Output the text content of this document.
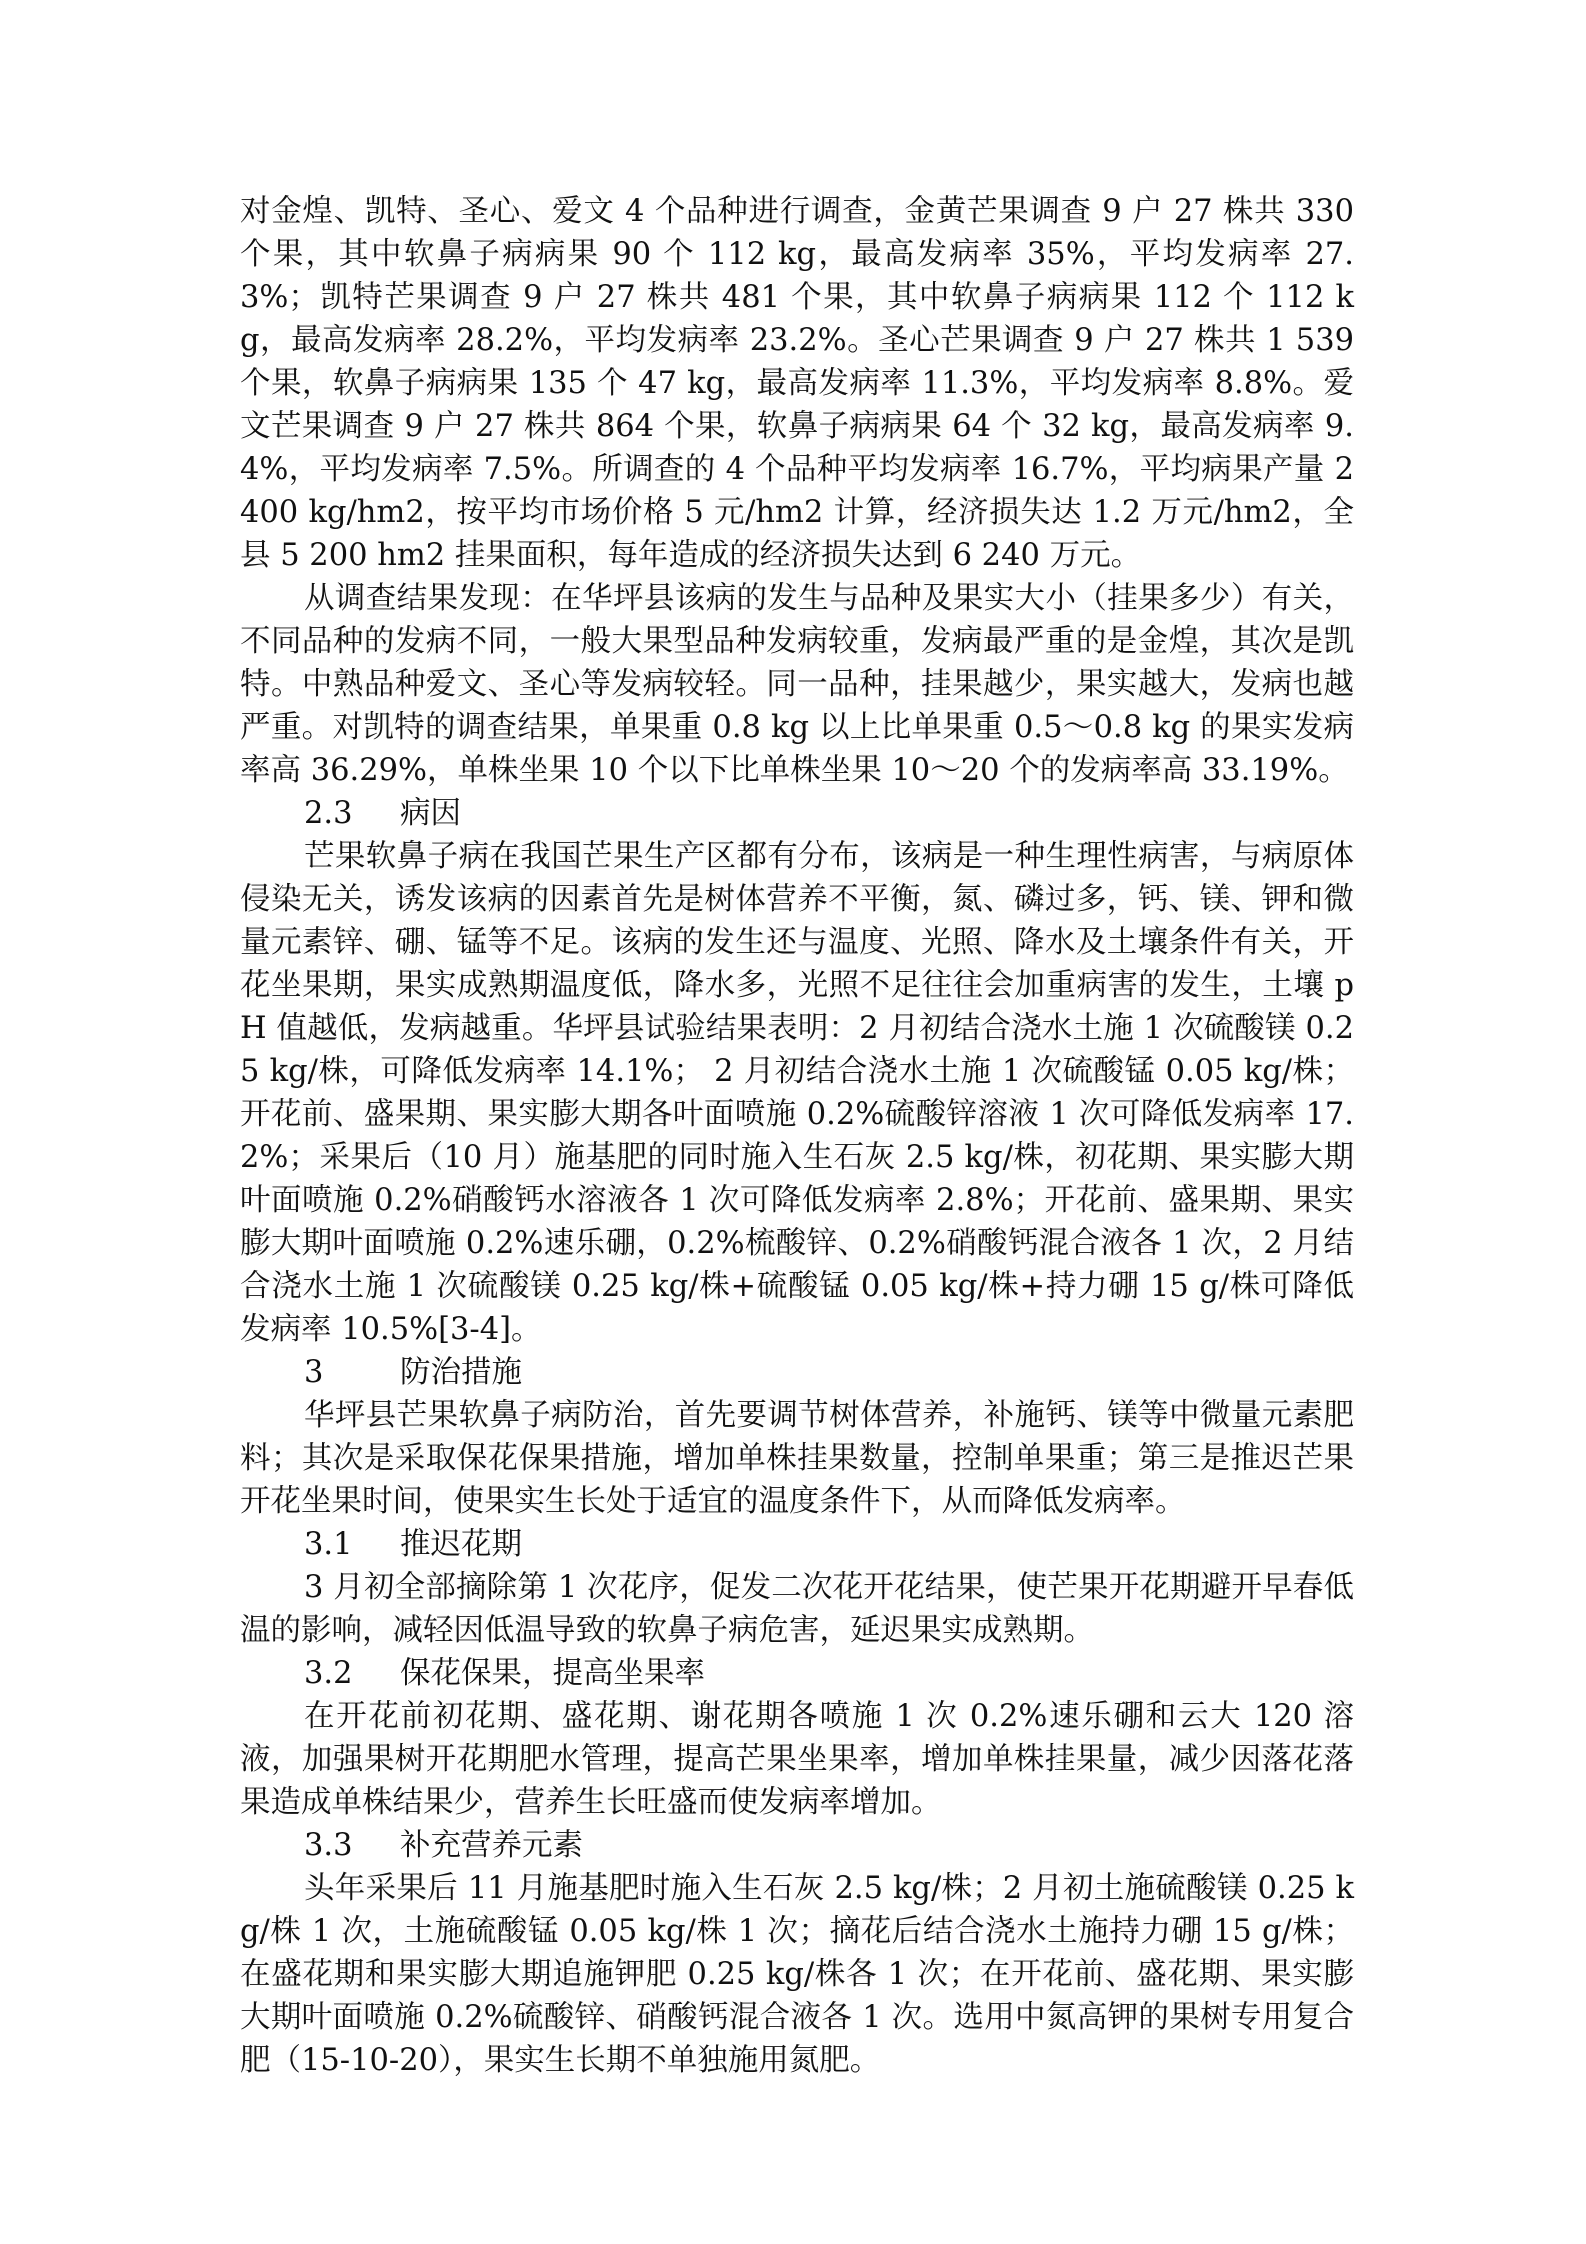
对金煌、凯特、圣心、爱文 4 个品种进行调查，金黄芒果调查 9 户 27 株共 330 个果，其中软鼻子病病果 90 个 112 kg，最高发病率 35%，平均发病率 27.3%；凯特芒果调查 9 户 27 株共 481 个果，其中软鼻子病病果 112 个 112 kg，最高发病率 28.2%，平均发病率 23.2%。圣心芒果调查 9 户 27 株共 1 539 个果，软鼻子病病果 135 个 47 kg，最高发病率 11.3%，平均发病率 8.8%。爱文芒果调查 9 户 27 株共 864 个果，软鼻子病病果 64 个 32 kg，最高发病率 9.4%，平均发病率 7.5%。所调查的 4 个品种平均发病率 16.7%，平均病果产量 2 400 kg/hm2，按平均市场价格 5 元/hm2 计算，经济损失达 1.2 万元/hm2，全县 5 200 hm2 挂果面积，每年造成的经济损失达到 6 240 万元。

从调查结果发现：在华坪县该病的发生与品种及果实大小（挂果多少）有关，不同品种的发病不同，一般大果型品种发病较重，发病最严重的是金煌，其次是凯特。中熟品种爱文、圣心等发病较轻。同一品种，挂果越少，果实越大，发病也越严重。对凯特的调查结果，单果重 0.8 kg 以上比单果重 0.5～0.8 kg 的果实发病率高 36.29%，单株坐果 10 个以下比单株坐果 10～20 个的发病率高 33.19%。

2.3 病因

芒果软鼻子病在我国芒果生产区都有分布，该病是一种生理性病害，与病原体侵染无关，诱发该病的因素首先是树体营养不平衡，氮、磷过多，钙、镁、钾和微量元素锌、硼、锰等不足。该病的发生还与温度、光照、降水及土壤条件有关，开花坐果期，果实成熟期温度低，降水多，光照不足往往会加重病害的发生，土壤 pH 值越低，发病越重。华坪县试验结果表明：2 月初结合浇水土施 1 次硫酸镁 0.25 kg/株，可降低发病率 14.1%； 2 月初结合浇水土施 1 次硫酸锰 0.05 kg/株；开花前、盛果期、果实膨大期各叶面喷施 0.2%硫酸锌溶液 1 次可降低发病率 17.2%；采果后（10 月）施基肥的同时施入生石灰 2.5 kg/株，初花期、果实膨大期叶面喷施 0.2%硝酸钙水溶液各 1 次可降低发病率 2.8%；开花前、盛果期、果实膨大期叶面喷施 0.2%速乐硼，0.2%梳酸锌、0.2%硝酸钙混合液各 1 次，2 月结合浇水土施 1 次硫酸镁 0.25 kg/株+硫酸锰 0.05 kg/株+持力硼 15 g/株可降低发病率 10.5%[3-4]。

3	防治措施

华坪县芒果软鼻子病防治，首先要调节树体营养，补施钙、镁等中微量元素肥料；其次是采取保花保果措施，增加单株挂果数量，控制单果重；第三是推迟芒果开花坐果时间，使果实生长处于适宜的温度条件下，从而降低发病率。

3.1 推迟花期

3 月初全部摘除第 1 次花序，促发二次花开花结果，使芒果开花期避开早春低温的影响，减轻因低温导致的软鼻子病危害，延迟果实成熟期。

3.2 保花保果，提高坐果率

在开花前初花期、盛花期、谢花期各喷施 1 次 0.2%速乐硼和云大 120 溶液，加强果树开花期肥水管理，提高芒果坐果率，增加单株挂果量，减少因落花落果造成单株结果少，营养生长旺盛而使发病率增加。

3.3 补充营养元素

头年采果后 11 月施基肥时施入生石灰 2.5 kg/株；2 月初土施硫酸镁 0.25 kg/株 1 次，土施硫酸锰 0.05 kg/株 1 次；摘花后结合浇水土施持力硼 15 g/株；在盛花期和果实膨大期追施钾肥 0.25 kg/株各 1 次；在开花前、盛花期、果实膨大期叶面喷施 0.2%硫酸锌、硝酸钙混合液各 1 次。选用中氮高钾的果树专用复合肥（15-10-20），果实生长期不单独施用氮肥。
